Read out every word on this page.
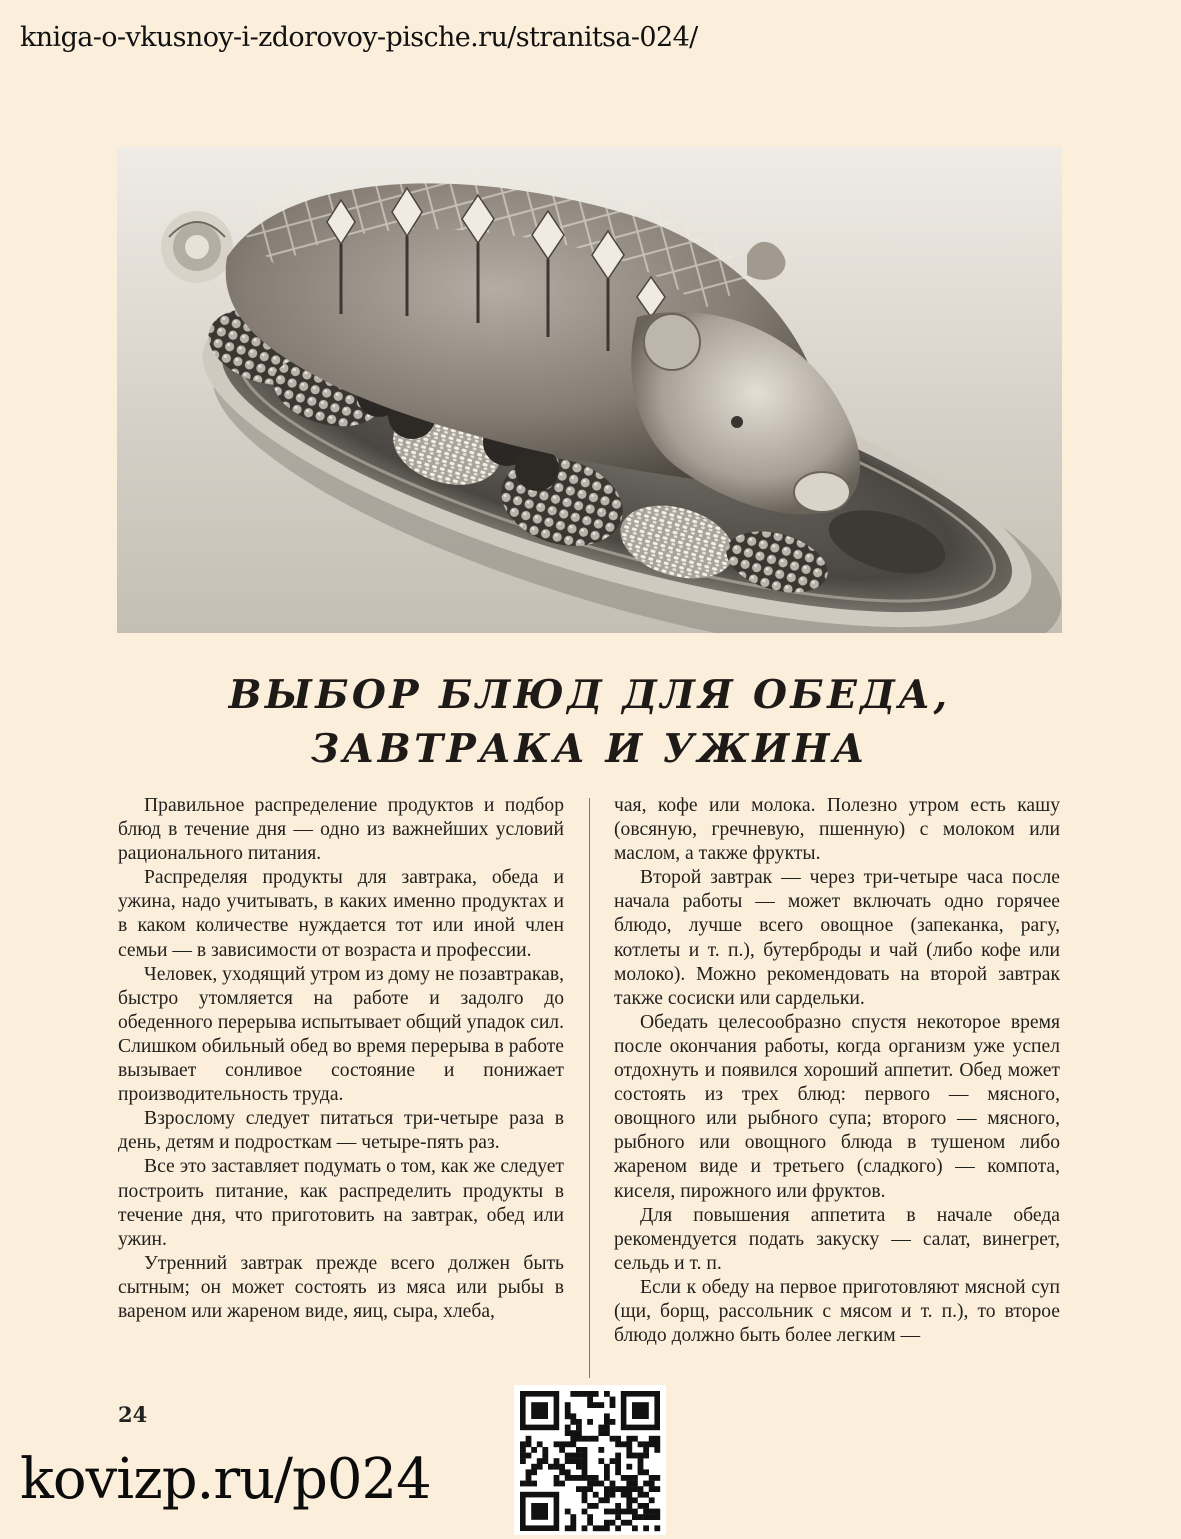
kniga-o-vkusnoy-i-zdorovoy-pische.ru/stranitsa-024/
ВЫБОР БЛЮД ДЛЯ ОБЕДА,
ЗАВТРАКА И УЖИНА

Правильное распределение продуктов и подбор блюд в течение дня — одно из важнейших условий рационального питания.

Распределяя продукты для завтрака, обеда и ужина, надо учитывать, в каких именно продуктах и в каком количестве нуждается тот или иной член семьи — в зависимости от возраста и профессии.

Человек, уходящий утром из дому не позавтракав, быстро утомляется на работе и задолго до обеденного перерыва испытывает общий упадок сил. Слишком обильный обед во время перерыва в работе вызывает сонливое состояние и понижает производительность труда.

Взрослому следует питаться три-четыре раза в день, детям и подросткам — четыре-пять раз.

Все это заставляет подумать о том, как же следует построить питание, как распределить продукты в течение дня, что приготовить на завтрак, обед или ужин.

Утренний завтрак прежде всего должен быть сытным; он может состоять из мяса или рыбы в вареном или жареном виде, яиц, сыра, хлеба,

чая, кофе или молока. Полезно утром есть кашу (овсяную, гречневую, пшенную) с молоком или маслом, а также фрукты.

Второй завтрак — через три-четыре часа после начала работы — может включать одно горячее блюдо, лучше всего овощное (запеканка, рагу, котлеты и т. п.), бутерброды и чай (либо кофе или молоко). Можно рекомендовать на второй завтрак также сосиски или сардельки.

Обедать целесообразно спустя некоторое время после окончания работы, когда организм уже успел отдохнуть и появился хороший аппетит. Обед может состоять из трех блюд: первого — мясного, овощного или рыбного супа; второго — мясного, рыбного или овощного блюда в тушеном либо жареном виде и третьего (сладкого) — компота, киселя, пирожного или фруктов.

Для повышения аппетита в начале обеда рекомендуется подать закуску — салат, винегрет, сельдь и т. п.

Если к обеду на первое приготовляют мясной суп (щи, борщ, рассольник с мясом и т. п.), то второе блюдо должно быть более легким —

24
kovizp.ru/p024
